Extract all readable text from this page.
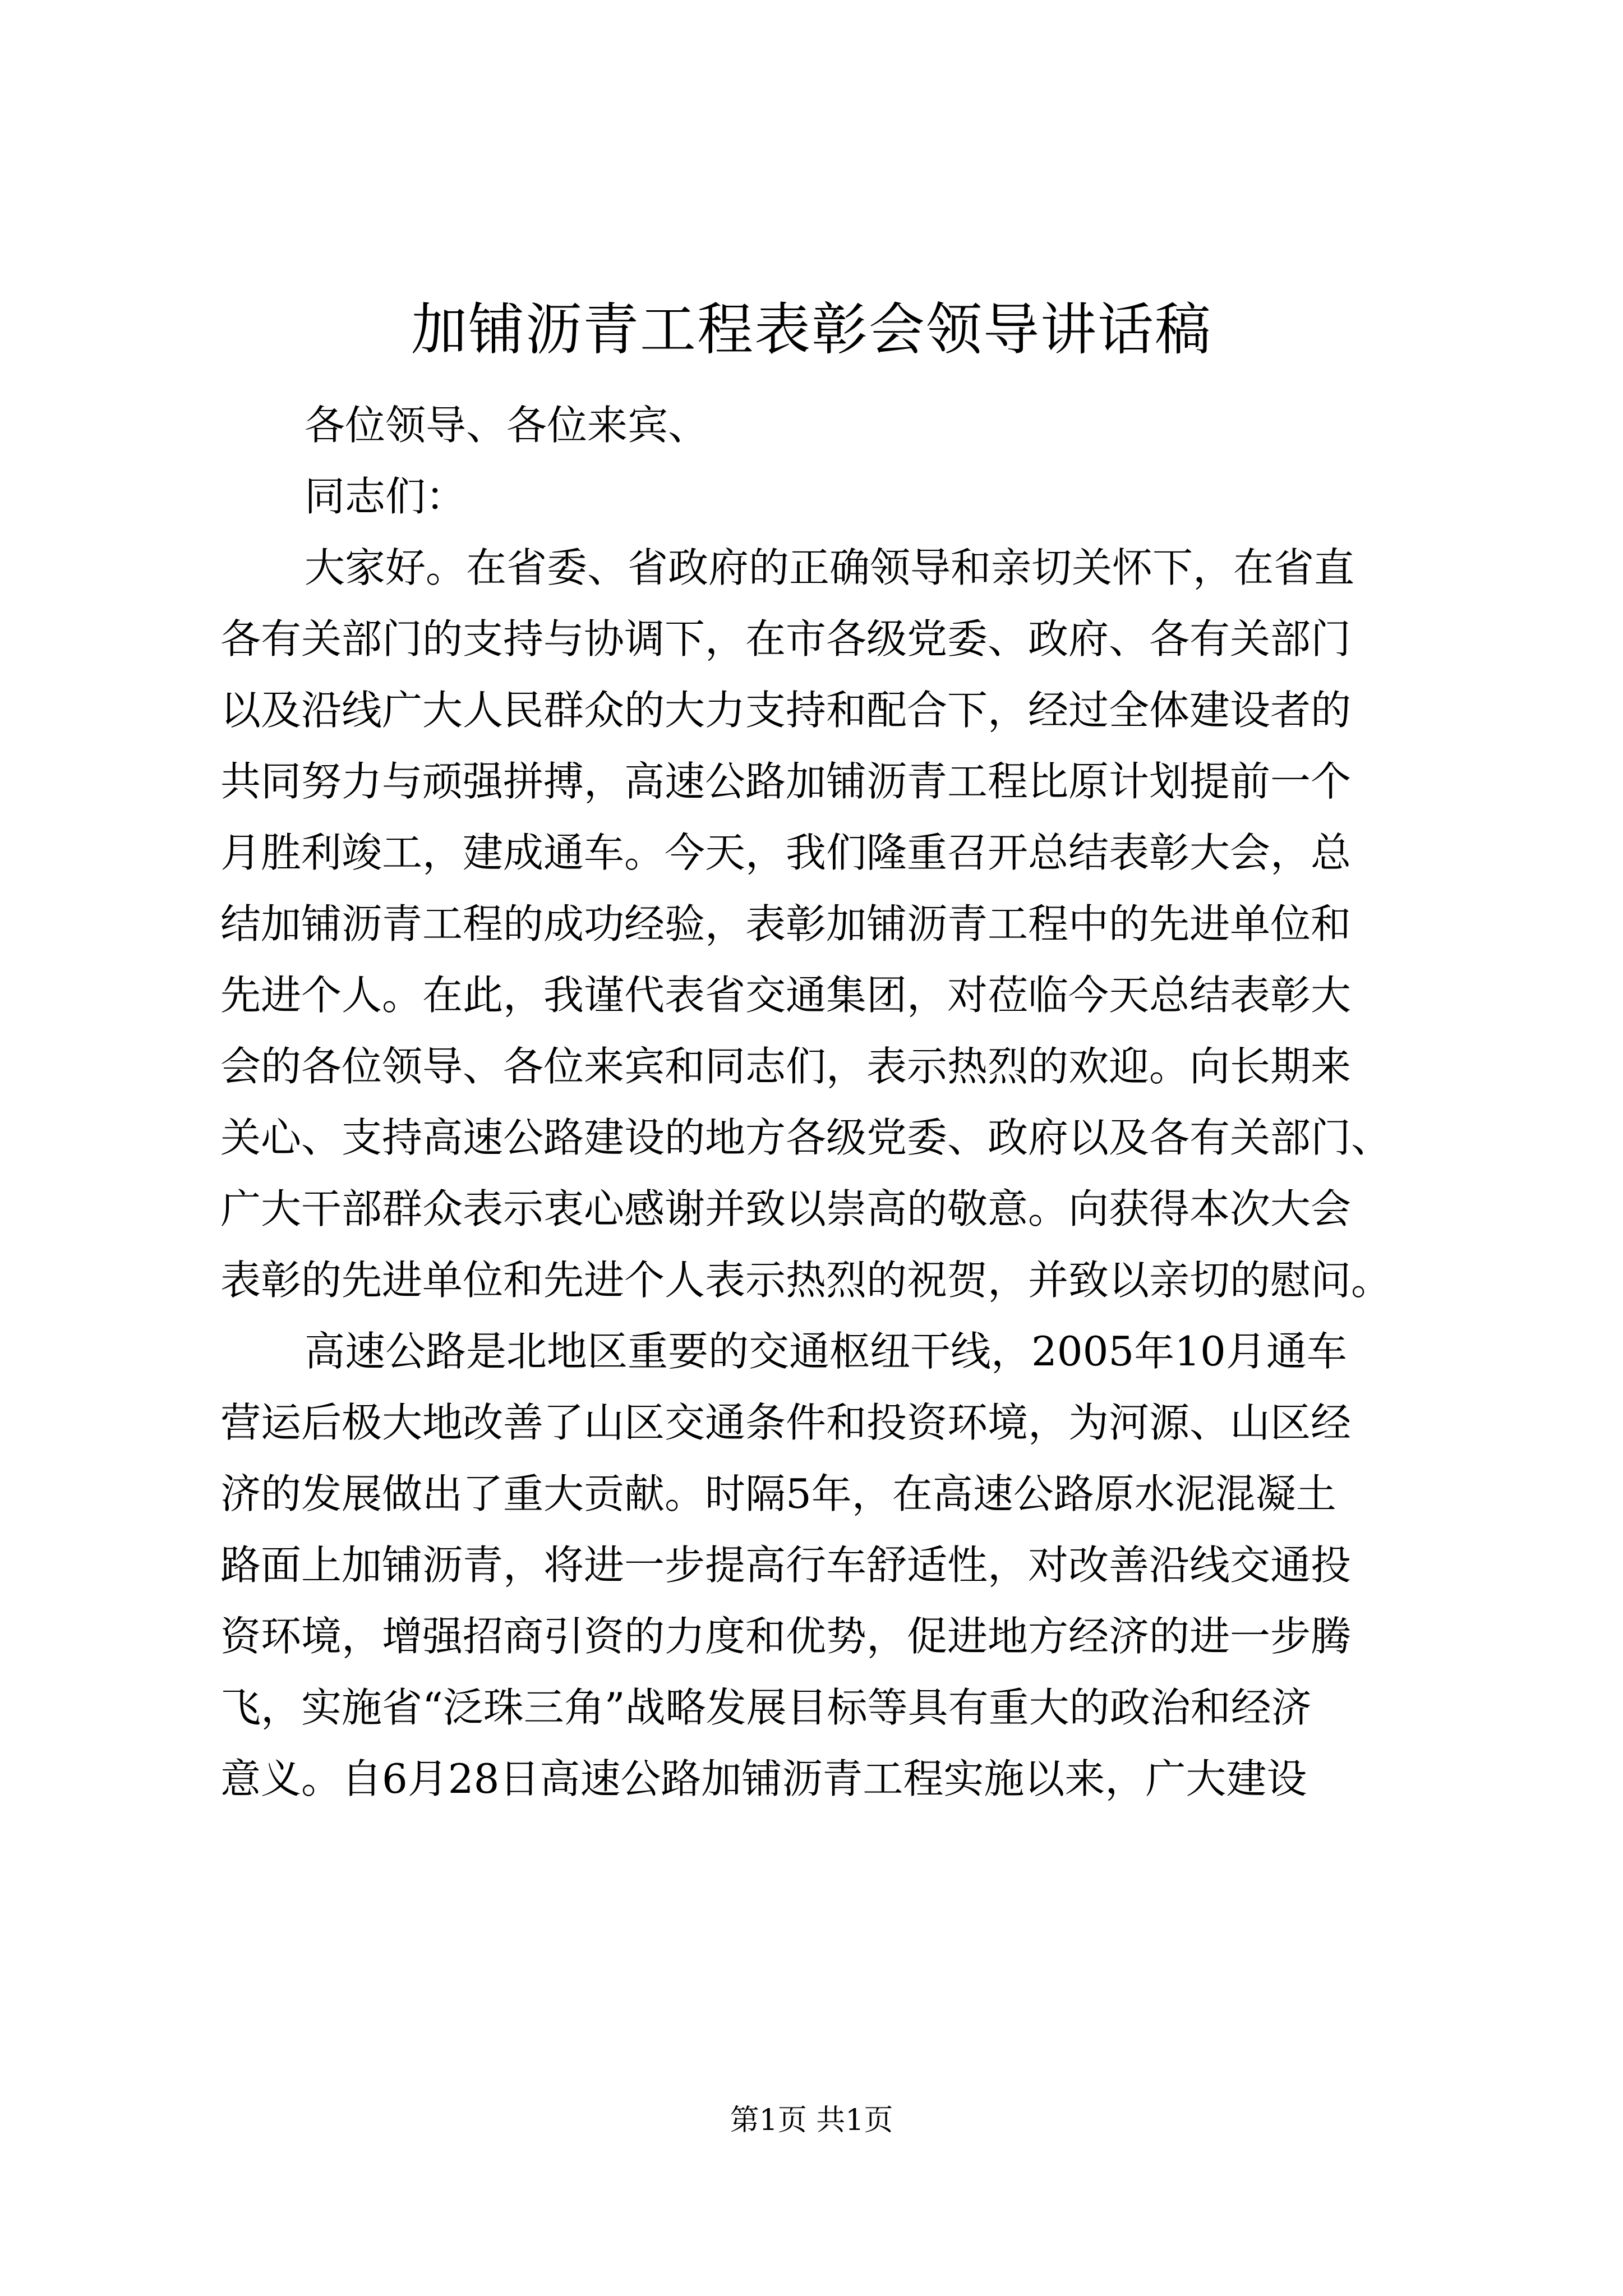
加铺沥青工程表彰会领导讲话稿
各位领导、各位来宾、
同志们：
大家好。在省委、省政府的正确领导和亲切关怀下，在省直
各有关部门的支持与协调下，在市各级党委、政府、各有关部门
以及沿线广大人民群众的大力支持和配合下，经过全体建设者的
共同努力与顽强拼搏，高速公路加铺沥青工程比原计划提前一个
月胜利竣工，建成通车。今天，我们隆重召开总结表彰大会，总
结加铺沥青工程的成功经验，表彰加铺沥青工程中的先进单位和
先进个人。在此，我谨代表省交通集团，对莅临今天总结表彰大
会的各位领导、各位来宾和同志们，表示热烈的欢迎。向长期来
关心、支持高速公路建设的地方各级党委、政府以及各有关部门、
广大干部群众表示衷心感谢并致以崇高的敬意。向获得本次大会
表彰的先进单位和先进个人表示热烈的祝贺，并致以亲切的慰问。
高速公路是北地区重要的交通枢纽干线，2005年10月通车
营运后极大地改善了山区交通条件和投资环境，为河源、山区经
济的发展做出了重大贡献。时隔5年，在高速公路原水泥混凝土
路面上加铺沥青，将进一步提高行车舒适性，对改善沿线交通投
资环境，增强招商引资的力度和优势，促进地方经济的进一步腾
飞，实施省“泛珠三角”战略发展目标等具有重大的政治和经济
意义。自6月28日高速公路加铺沥青工程实施以来，广大建设
第1页 共1页
